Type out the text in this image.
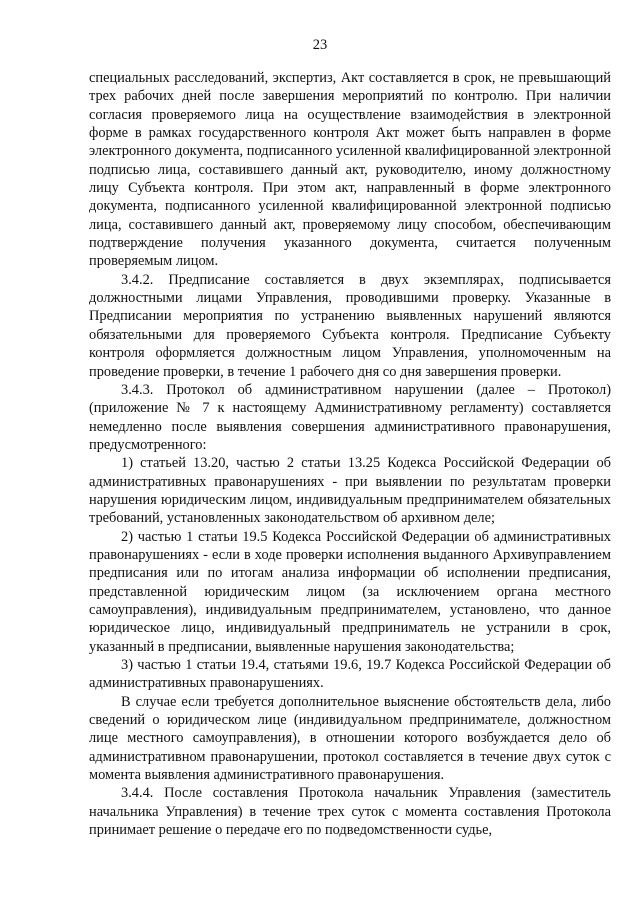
23

специальных расследований, экспертиз, Акт составляется в срок, не превышающий трех рабочих дней после завершения мероприятий по контролю. При наличии согласия проверяемого лица на осуществление взаимодействия в электронной форме в рамках государственного контроля Акт может быть направлен в форме электронного документа, подписанного усиленной квалифицированной электронной подписью лица, составившего данный акт, руководителю, иному должностному лицу Субъекта контроля. При этом акт, направленный в форме электронного документа, подписанного усиленной квалифицированной электронной подписью лица, составившего данный акт, проверяемому лицу способом, обеспечивающим подтверждение получения указанного документа, считается полученным проверяемым лицом.

3.4.2. Предписание составляется в двух экземплярах, подписывается должностными лицами Управления, проводившими проверку. Указанные в Предписании мероприятия по устранению выявленных нарушений являются обязательными для проверяемого Субъекта контроля. Предписание Субъекту контроля оформляется должностным лицом Управления, уполномоченным на проведение проверки, в течение 1 рабочего дня со дня завершения проверки.

3.4.3. Протокол об административном нарушении (далее – Протокол) (приложение № 7 к настоящему Административному регламенту) составляется немедленно после выявления совершения административного правонарушения, предусмотренного:

1) статьей 13.20, частью 2 статьи 13.25 Кодекса Российской Федерации об административных правонарушениях - при выявлении по результатам проверки нарушения юридическим лицом, индивидуальным предпринимателем обязательных требований, установленных законодательством об архивном деле;

2) частью 1 статьи 19.5 Кодекса Российской Федерации об административных правонарушениях - если в ходе проверки исполнения выданного Архивуправлением предписания или по итогам анализа информации об исполнении предписания, представленной юридическим лицом (за исключением органа местного самоуправления), индивидуальным предпринимателем, установлено, что данное юридическое лицо, индивидуальный предприниматель не устранили в срок, указанный в предписании, выявленные нарушения законодательства;

3) частью 1 статьи 19.4, статьями 19.6, 19.7 Кодекса Российской Федерации об административных правонарушениях.

В случае если требуется дополнительное выяснение обстоятельств дела, либо сведений о юридическом лице (индивидуальном предпринимателе, должностном лице местного самоуправления), в отношении которого возбуждается дело об административном правонарушении, протокол составляется в течение двух суток с момента выявления административного правонарушения.

3.4.4. После составления Протокола начальник Управления (заместитель начальника Управления) в течение трех суток с момента составления Протокола принимает решение о передаче его по подведомственности судье,
